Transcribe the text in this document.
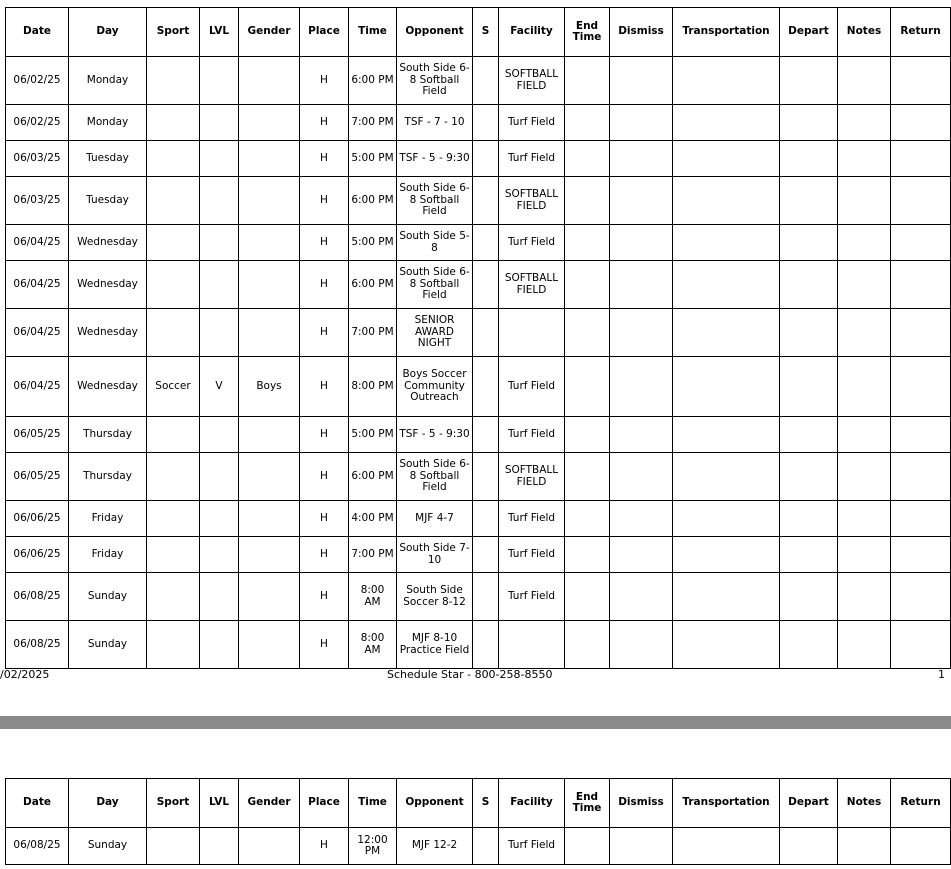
Date	Day	Sport	LVL	Gender	Place	Time	Opponent	S	Facility	End Time	Dismiss	Transportation	Depart	Notes	Return
06/02/25	Monday				H	6:00 PM	South Side 6-8 Softball Field		SOFTBALL FIELD						
06/02/25	Monday				H	7:00 PM	TSF - 7 - 10		Turf Field						
06/03/25	Tuesday				H	5:00 PM	TSF - 5 - 9:30		Turf Field						
06/03/25	Tuesday				H	6:00 PM	South Side 6-8 Softball Field		SOFTBALL FIELD						
06/04/25	Wednesday				H	5:00 PM	South Side 5-8		Turf Field						
06/04/25	Wednesday				H	6:00 PM	South Side 6-8 Softball Field		SOFTBALL FIELD						
06/04/25	Wednesday				H	7:00 PM	SENIOR AWARD NIGHT								
06/04/25	Wednesday	Soccer	V	Boys	H	8:00 PM	Boys Soccer Community Outreach		Turf Field						
06/05/25	Thursday				H	5:00 PM	TSF - 5 - 9:30		Turf Field						
06/05/25	Thursday				H	6:00 PM	South Side 6-8 Softball Field		SOFTBALL FIELD						
06/06/25	Friday				H	4:00 PM	MJF 4-7		Turf Field						
06/06/25	Friday				H	7:00 PM	South Side 7-10		Turf Field						
06/08/25	Sunday				H	8:00 AM	South Side Soccer 8-12		Turf Field						
06/08/25	Sunday				H	8:00 AM	MJF 8-10 Practice Field								
/02/2025	Schedule Star - 800-258-8550	1
Date	Day	Sport	LVL	Gender	Place	Time	Opponent	S	Facility	End Time	Dismiss	Transportation	Depart	Notes	Return
06/08/25	Sunday				H	12:00 PM	MJF 12-2		Turf Field						
